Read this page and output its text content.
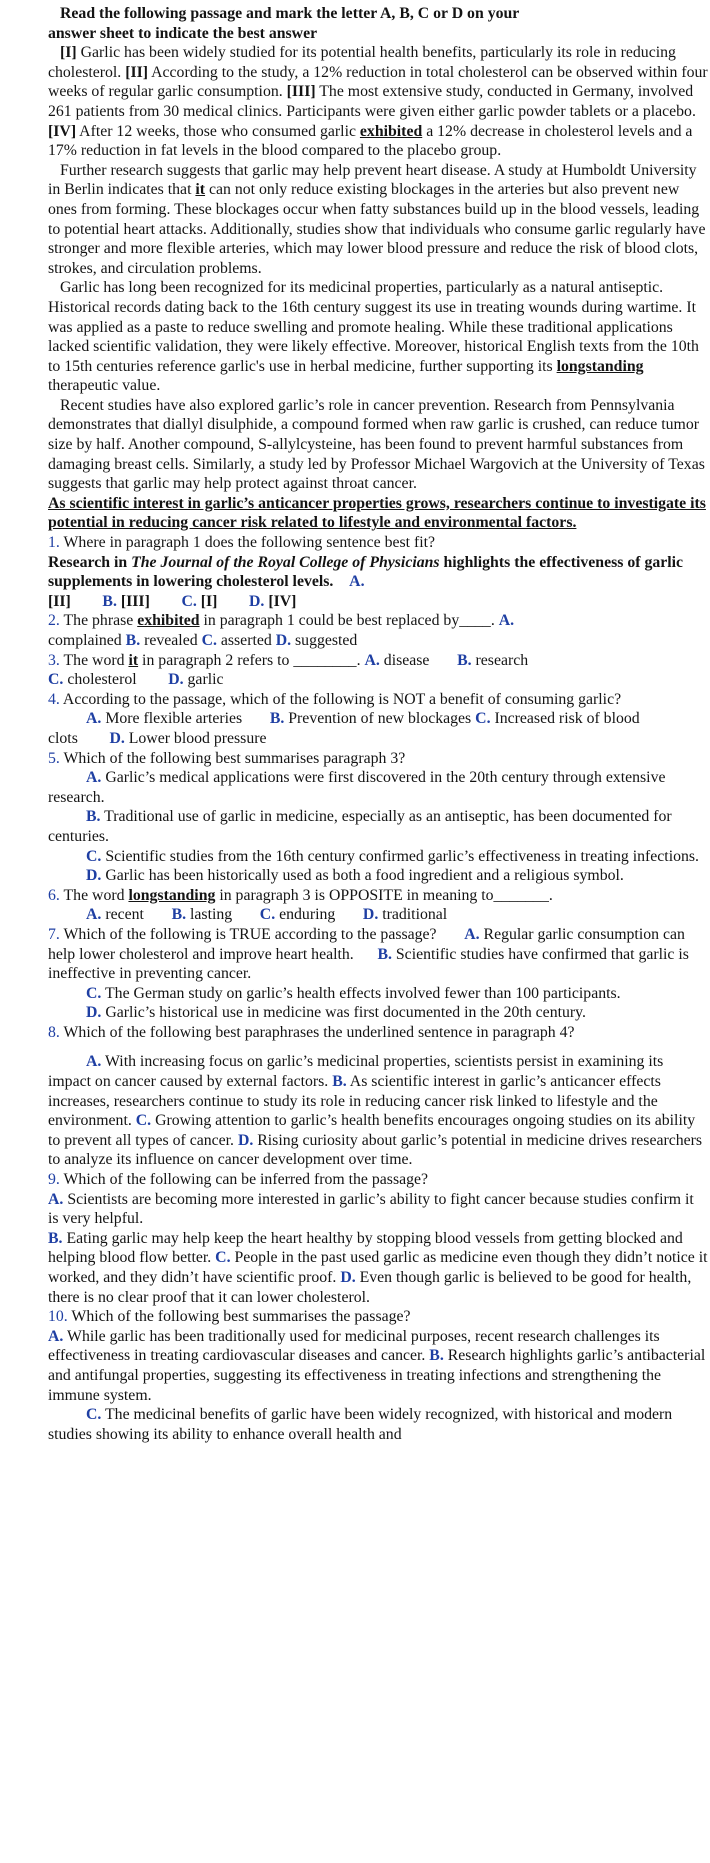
Read the following passage and mark the letter A, B, C or D on your
answer sheet to indicate the best answer

[I] Garlic has been widely studied for its potential health benefits, particularly its role in reducing cholesterol. [II] According to the study, a 12% reduction in total cholesterol can be observed within four weeks of regular garlic consumption. [III] The most extensive study, conducted in Germany, involved 261 patients from 30 medical clinics. Participants were given either garlic powder tablets or a placebo. [IV] After 12 weeks, those who consumed garlic exhibited a 12% decrease in cholesterol levels and a 17% reduction in fat levels in the blood compared to the placebo group.

Further research suggests that garlic may help prevent heart disease. A study at Humboldt University in Berlin indicates that it can not only reduce existing blockages in the arteries but also prevent new ones from forming. These blockages occur when fatty substances build up in the blood vessels, leading to potential heart attacks. Additionally, studies show that individuals who consume garlic regularly have stronger and more flexible arteries, which may lower blood pressure and reduce the risk of blood clots, strokes, and circulation problems.

Garlic has long been recognized for its medicinal properties, particularly as a natural antiseptic. Historical records dating back to the 16th century suggest its use in treating wounds during wartime. It was applied as a paste to reduce swelling and promote healing. While these traditional applications lacked scientific validation, they were likely effective. Moreover, historical English texts from the 10th to 15th centuries reference garlic's use in herbal medicine, further supporting its longstanding therapeutic value.

Recent studies have also explored garlic’s role in cancer prevention. Research from Pennsylvania demonstrates that diallyl disulphide, a compound formed when raw garlic is crushed, can reduce tumor size by half. Another compound, S-allylcysteine, has been found to prevent harmful substances from damaging breast cells. Similarly, a study led by Professor Michael Wargovich at the University of Texas suggests that garlic may help protect against throat cancer.

As scientific interest in garlic’s anticancer properties grows, researchers continue to investigate its potential in reducing cancer risk related to lifestyle and environmental factors.

1. Where in paragraph 1 does the following sentence best fit?

Research in The Journal of the Royal College of Physicians highlights the effectiveness of garlic supplements in lowering cholesterol levels. A.
[II] B. [III] C. [I] D. [IV]

2. The phrase exhibited in paragraph 1 could be best replaced by____. A.
complained B. revealed C. asserted D. suggested

3. The word it in paragraph 2 refers to ________. A. disease B. research
C. cholesterol D. garlic

4. According to the passage, which of the following is NOT a benefit of consuming garlic?

A. More flexible arteries B. Prevention of new blockages C. Increased risk of blood clots D. Lower blood pressure

5. Which of the following best summarises paragraph 3?

A. Garlic’s medical applications were first discovered in the 20th century through extensive research.

B. Traditional use of garlic in medicine, especially as an antiseptic, has been documented for centuries.

C. Scientific studies from the 16th century confirmed garlic’s effectiveness in treating infections.

D. Garlic has been historically used as both a food ingredient and a religious symbol.

6. The word longstanding in paragraph 3 is OPPOSITE in meaning to_______.

A. recent B. lasting C. enduring D. traditional

7. Which of the following is TRUE according to the passage? A. Regular garlic consumption can help lower cholesterol and improve heart health. B. Scientific studies have confirmed that garlic is ineffective in preventing cancer.

C. The German study on garlic’s health effects involved fewer than 100 participants.

D. Garlic’s historical use in medicine was first documented in the 20th century.

8. Which of the following best paraphrases the underlined sentence in paragraph 4?

A. With increasing focus on garlic’s medicinal properties, scientists persist in examining its impact on cancer caused by external factors. B. As scientific interest in garlic’s anticancer effects increases, researchers continue to study its role in reducing cancer risk linked to lifestyle and the environment. C. Growing attention to garlic’s health benefits encourages ongoing studies on its ability to prevent all types of cancer. D. Rising curiosity about garlic’s potential in medicine drives researchers to analyze its influence on cancer development over time.

9. Which of the following can be inferred from the passage?

A. Scientists are becoming more interested in garlic’s ability to fight cancer because studies confirm it is very helpful.

B. Eating garlic may help keep the heart healthy by stopping blood vessels from getting blocked and helping blood flow better. C. People in the past used garlic as medicine even though they didn’t notice it worked, and they didn’t have scientific proof. D. Even though garlic is believed to be good for health, there is no clear proof that it can lower cholesterol.

10. Which of the following best summarises the passage?

A. While garlic has been traditionally used for medicinal purposes, recent research challenges its effectiveness in treating cardiovascular diseases and cancer. B. Research highlights garlic’s antibacterial and antifungal properties, suggesting its effectiveness in treating infections and strengthening the immune system.

C. The medicinal benefits of garlic have been widely recognized, with historical and modern studies showing its ability to enhance overall health and
